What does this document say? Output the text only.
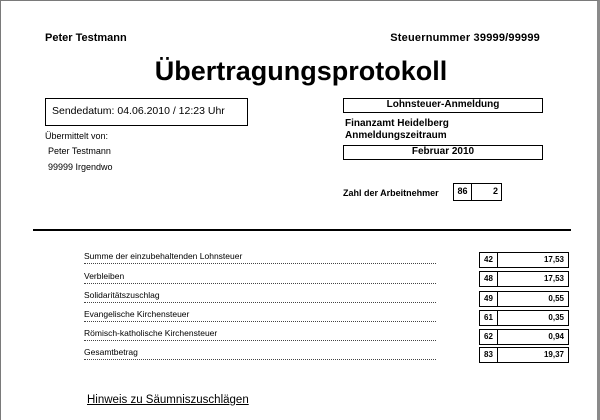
Peter Testmann	Steuernummer 39999/99999
Übertragungsprotokoll
Sendedatum: 04.06.2010 / 12:23 Uhr
Übermittelt von:
Peter Testmann
99999 Irgendwo
Lohnsteuer-Anmeldung
Finanzamt Heidelberg
Anmeldungszeitraum
Februar 2010
Zahl der Arbeitnehmer	86	2
Summe der einzubehaltenden Lohnsteuer	42	17,53
Verbleiben	48	17,53
Solidaritätszuschlag	49	0,55
Evangelische Kirchensteuer	61	0,35
Römisch-katholische Kirchensteuer	62	0,94
Gesamtbetrag	83	19,37
Hinweis zu Säumniszuschlägen
